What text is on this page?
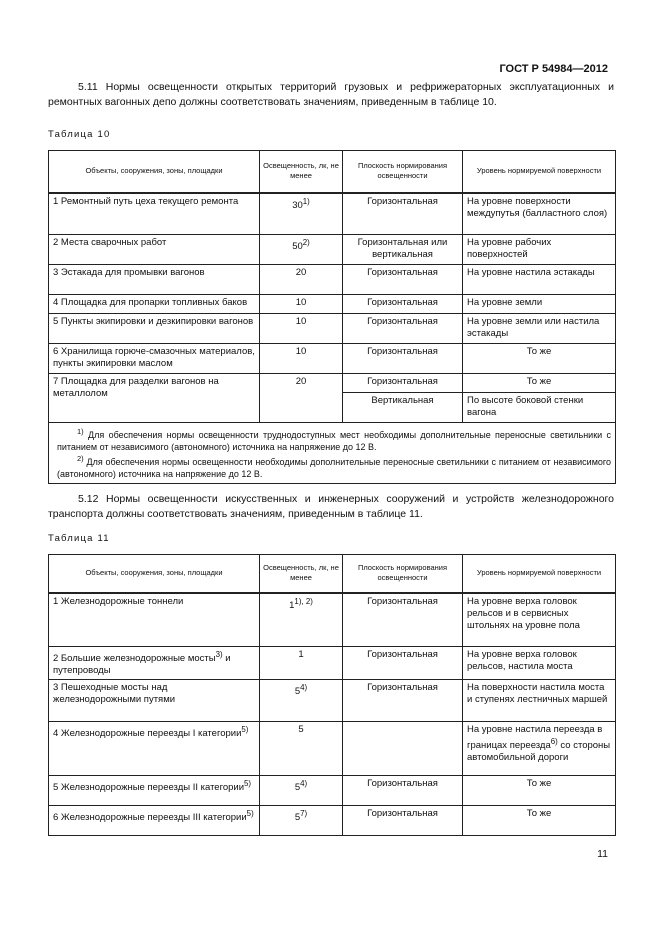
ГОСТ Р 54984—2012

5.11 Нормы освещенности открытых территорий грузовых и рефрижераторных эксплуатационных и ремонтных вагонных депо должны соответствовать значениям, приведенным в таблице 10.

Таблица 10
Объекты, сооружения, зоны, площадки	Освещенность, лк, не менее	Плоскость нормирования освещенности	Уровень нормируемой поверхности
1 Ремонтный путь цеха текущего ремонта	30$^{1)}$	Горизонтальная	На уровне поверхности междупутья (балластного слоя)
2 Места сварочных работ	50$^{2)}$	Горизонтальная или вертикальная	На уровне рабочих поверхностей
3 Эстакада для промывки вагонов	20	Горизонтальная	На уровне настила эстакады
4 Площадка для пропарки топливных баков	10	Горизонтальная	На уровне земли
5 Пункты экипировки и дезкипировки вагонов	10	Горизонтальная	На уровне земли или настила эстакады
6 Хранилища горюче-смазочных материалов, пункты экипировки маслом	10	Горизонтальная	То же
7 Площадка для разделки вагонов на металлолом	20	Горизонтальная	То же
		Вертикальная	По высоте боковой стенки вагона

$^{1)}$ Для обеспечения нормы освещенности труднодоступных мест необходимы дополнительные переносные светильники с питанием от независимого (автономного) источника на напряжение до 12 В.
$^{2)}$ Для обеспечения нормы освещенности необходимы дополнительные переносные светильники с питанием от независимого (автономного) источника на напряжение до 12 В.			

5.12 Нормы освещенности искусственных и инженерных сооружений и устройств железнодорожного транспорта должны соответствовать значениям, приведенным в таблице 11.

Таблица 11
Объекты, сооружения, зоны, площадки	Освещенность, лк, не менее	Плоскость нормирования освещенности	Уровень нормируемой поверхности
1 Железнодорожные тоннели	$1^{1), 2)}$	Горизонтальная	На уровне верха головок рельсов и в сервисных штольнях на уровне пола
2 Большие железнодорожные мосты$^{3)}$ и путепроводы	1	Горизонтальная	На уровне верха головок рельсов, настила моста
3 Пешеходные мосты над железнодорожными путями	5$^{4)}$	Горизонтальная	На поверхности настила моста и ступенях лестничных маршей
4 Железнодорожные переезды I категории$^{5)}$	5		На уровне настила переезда в границах переезда$^{6)}$ со стороны автомобильной дороги
5 Железнодорожные переезды II категории$^{5)}$	5$^{4)}$	Горизонтальная	То же
6 Железнодорожные переезды III категории$^{5)}$	5$^{7)}$	Горизонтальная	То же
11
